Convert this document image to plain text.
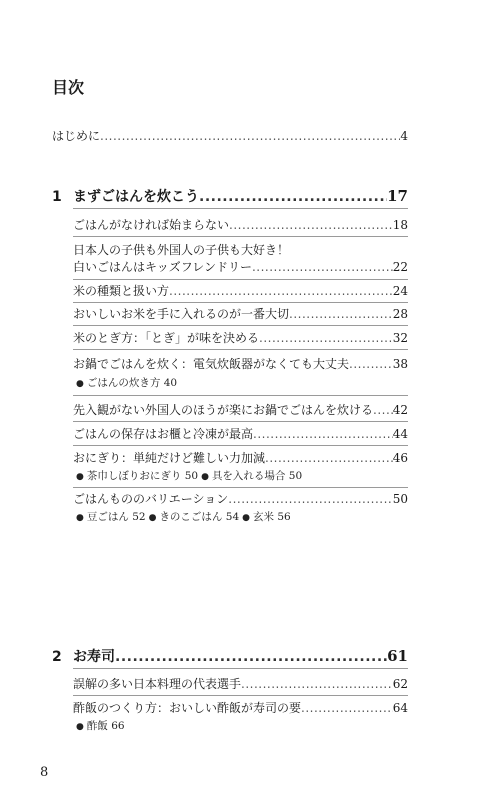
目次
はじめに .....	4
1 まずごはんを炊こう .....	17
ごはんがなければ始まらない .....	18
日本人の子供も外国人の子供も大好き！
白いごはんはキッズフレンドリー .....	22
米の種類と扱い方 .....	24
おいしいお米を手に入れるのが一番大切 .....	28
米のとぎ方：「とぎ」が味を決める .....	32
お鍋でごはんを炊く：電気炊飯器がなくても大丈夫 .....	38
● ごはんの炊き方 40
先入観がない外国人のほうが楽にお鍋でごはんを炊ける ..... 42
ごはんの保存はお櫃と冷凍が最高 .....	44
おにぎり：単純だけど難しい力加減 .....	46
● 茶巾しぼりおにぎり 50 ● 具を入れる場合 50
ごはんもののバリエーション .....	50
● 豆ごはん 52 ● きのこごはん 54 ● 玄米 56
2 お寿司 .....	61
誤解の多い日本料理の代表選手 .....	62
酢飯のつくり方：おいしい酢飯が寿司の要 .....	64
● 酢飯 66
8
